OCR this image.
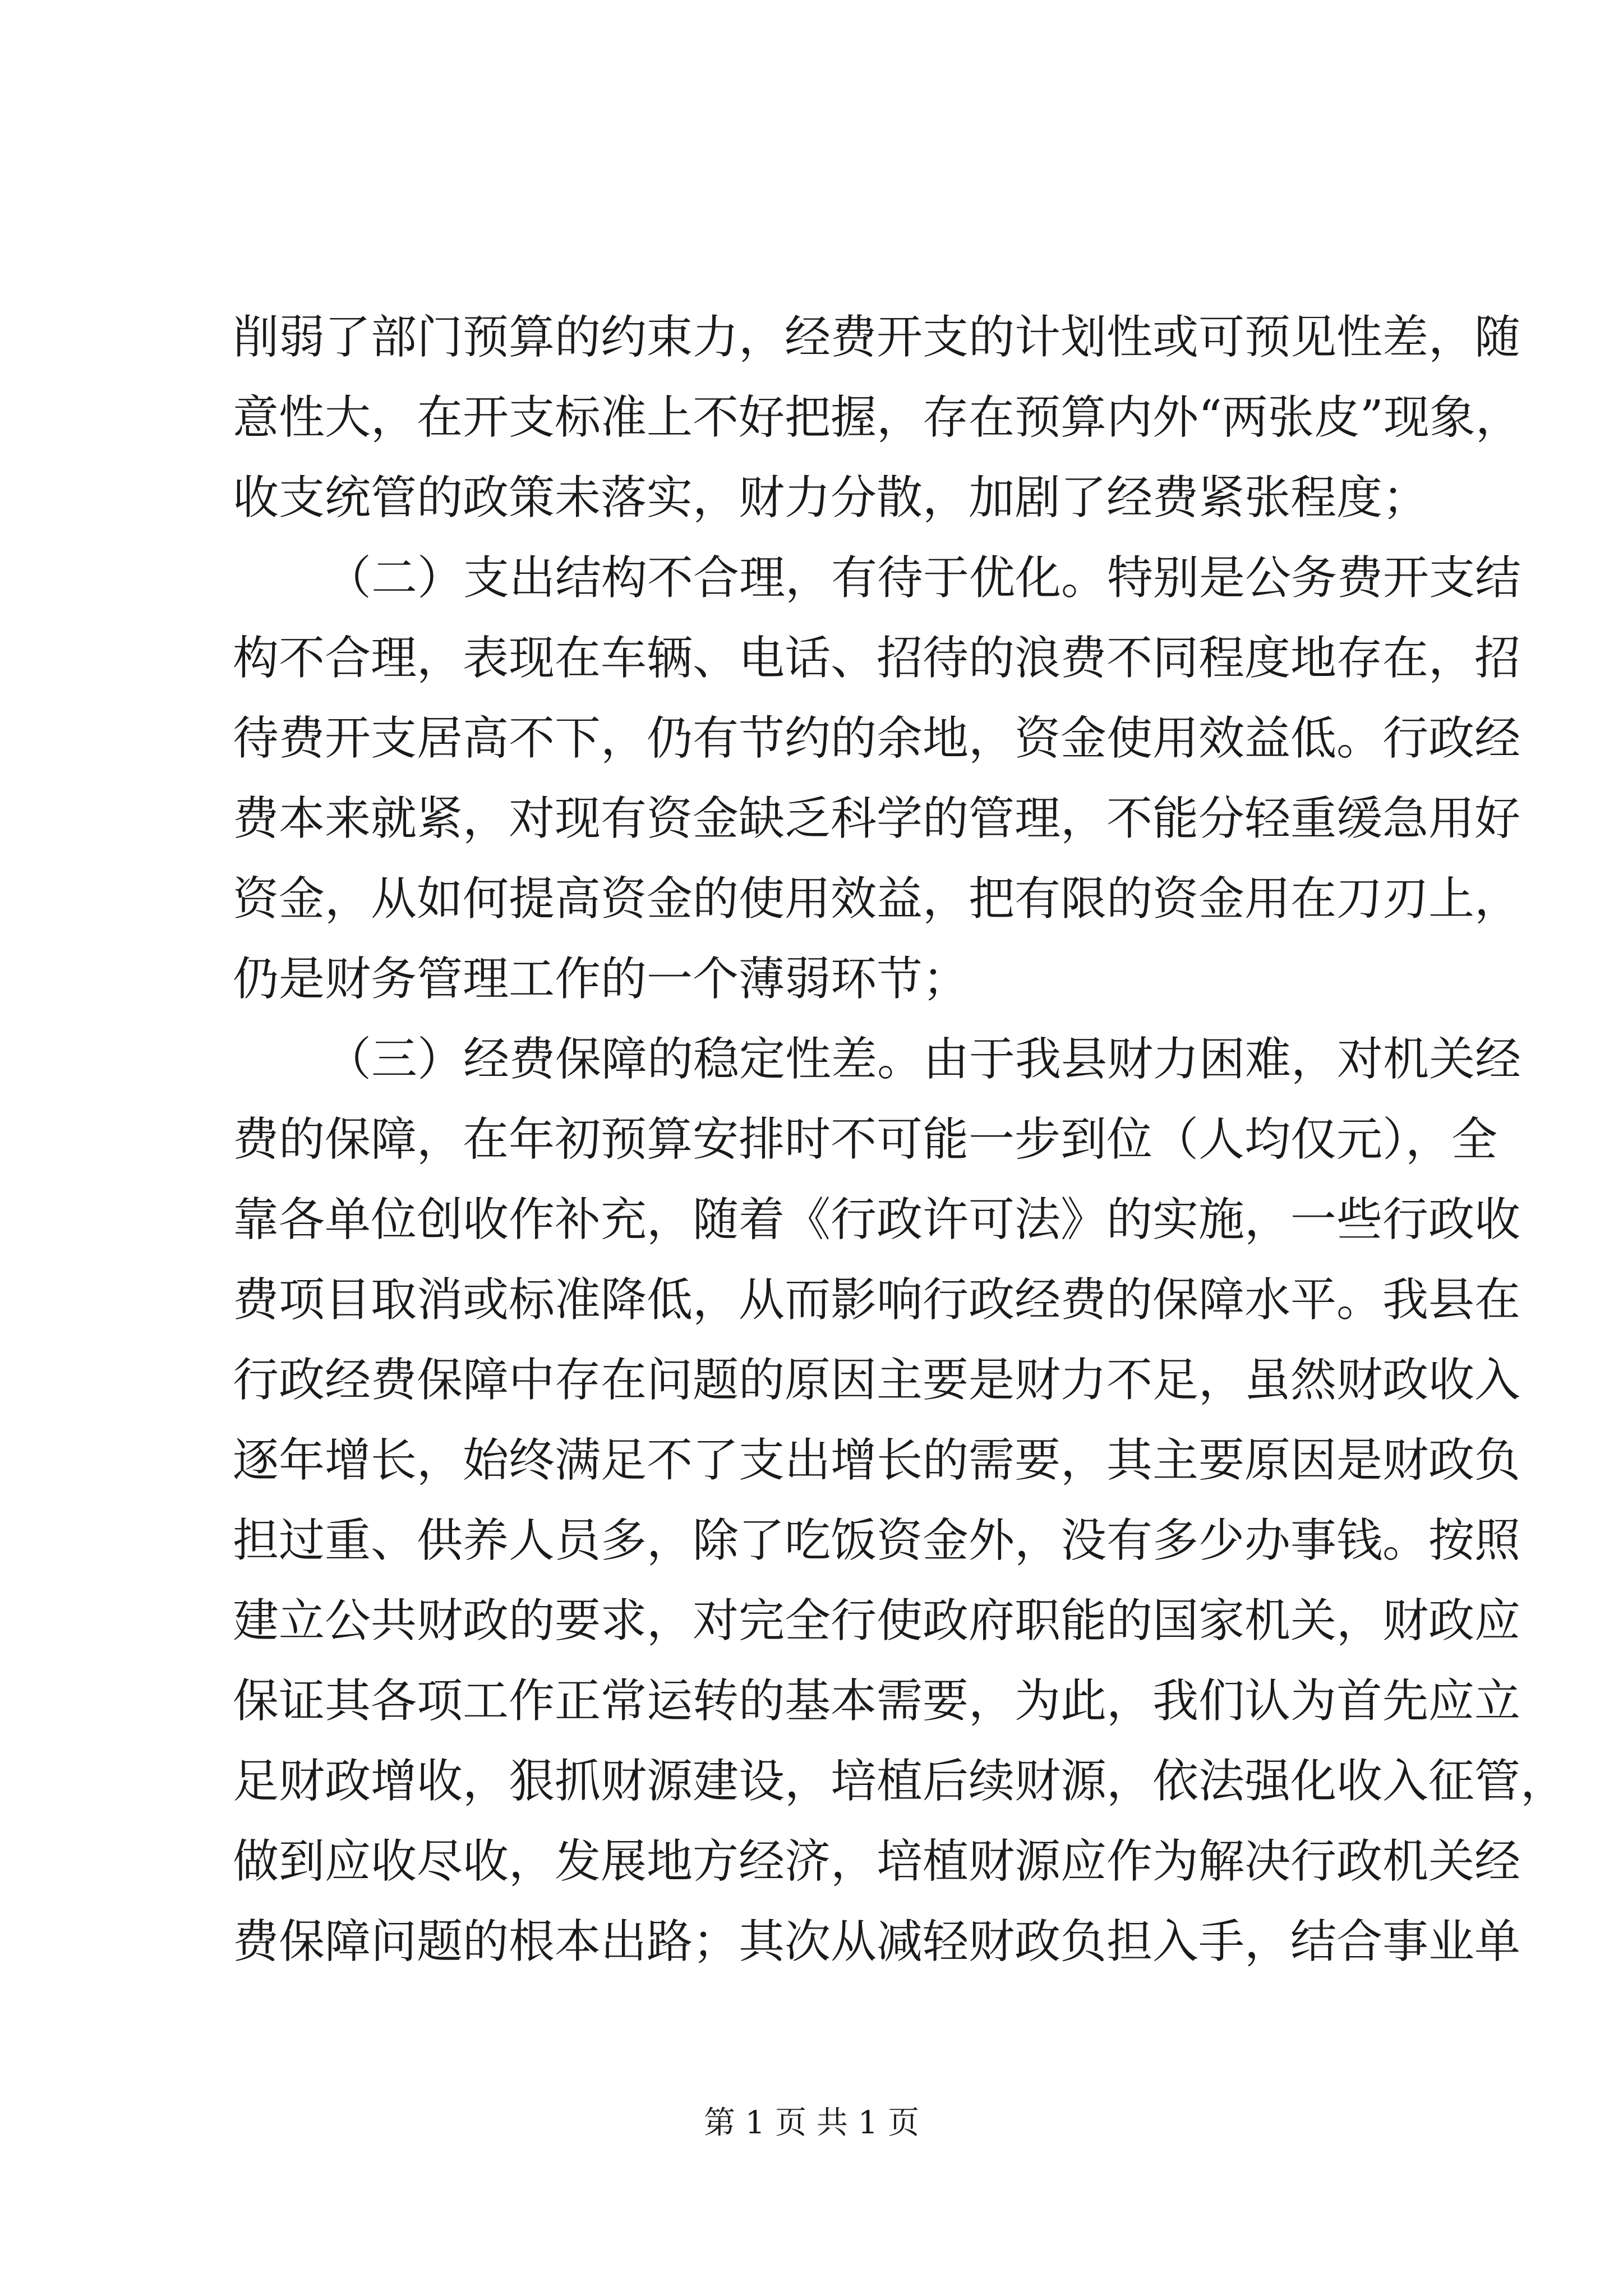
削弱了部门预算的约束力，经费开支的计划性或可预见性差，随
意性大，在开支标准上不好把握，存在预算内外“两张皮”现象，
收支统管的政策未落实，财力分散，加剧了经费紧张程度；
（二）支出结构不合理，有待于优化。特别是公务费开支结
构不合理，表现在车辆、电话、招待的浪费不同程度地存在，招
待费开支居高不下，仍有节约的余地，资金使用效益低。行政经
费本来就紧，对现有资金缺乏科学的管理，不能分轻重缓急用好
资金，从如何提高资金的使用效益，把有限的资金用在刀刃上，
仍是财务管理工作的一个薄弱环节；
（三）经费保障的稳定性差。由于我县财力困难，对机关经
费的保障，在年初预算安排时不可能一步到位（人均仅元），全
靠各单位创收作补充，随着《行政许可法》的实施，一些行政收
费项目取消或标准降低，从而影响行政经费的保障水平。我县在
行政经费保障中存在问题的原因主要是财力不足，虽然财政收入
逐年增长，始终满足不了支出增长的需要，其主要原因是财政负
担过重、供养人员多，除了吃饭资金外，没有多少办事钱。按照
建立公共财政的要求，对完全行使政府职能的国家机关，财政应
保证其各项工作正常运转的基本需要，为此，我们认为首先应立
足财政增收，狠抓财源建设，培植后续财源，依法强化收入征管，
做到应收尽收，发展地方经济，培植财源应作为解决行政机关经
费保障问题的根本出路；其次从减轻财政负担入手，结合事业单
第 1 页 共 1 页
